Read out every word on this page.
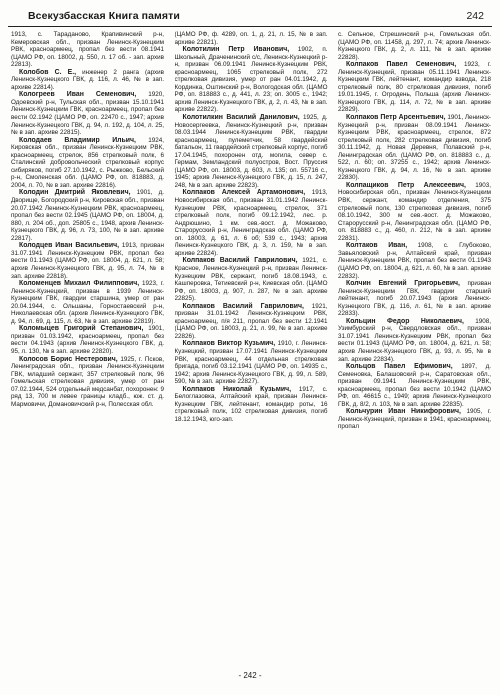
Всекузбасская Книга памяти	242

1913, с. Тараданово, Крапивинский р-н, Кемеровская обл., призван Ленинск-Кузнецким РВК, красноармеец, пропал без вести 08.1941 (ЦАМО РФ, оп. 18002, д. 550, л. 17 об. - зап. архив 22813).

Колобов С. Е., инженер 2 ранга (архив Ленинск-Кузнецкого ГВК, д. 116, л. 46, № в зап. архиве 22814).

Кологреев Иван Семенович, 1920, Одоевский р-н, Тульская обл., призван 15.10.1941 Ленинск-Кузнецким ГВК, красноармеец, пропал без вести 02.1942 (ЦАМО РФ, оп. 22470 с., 1947; архив Ленинск-Кузнецкого ГВК, д. 94, л. 192, д. 104, л. 25, № в зап. архиве 22815).

Колодаев Владимир Ильич, 1924, Кировская обл., призван Ленинск-Кузнецким РВК, красноармеец, стрелок, 856 стрелковый полк, 6 Сталинский добровольческий стрелковый корпус сибиряков, погиб 27.10.1942, с. Рыжково, Бельский р-н, Смоленская обл. (ЦАМО РФ, оп. 818883, д. 2004, л. 70, № в зап. архиве 22816).

Колодин Дмитрий Яковлевич, 1901, д. Дворище, Богородский р-н, Кировская обл., призван 20.07.1942 Ленинск-Кузнецким РВК, красноармеец, пропал без вести 02.1945 (ЦАМО РФ, оп. 18004, д. 880, л. 204 об., доп. 25805 с., 1948, архив Ленинск-Кузнецкого ГВК, д. 96, л. 73, 100, № в зап. архиве 22817).

Колодцев Иван Васильевич, 1913, призван 31.07.1941 Ленинск-Кузнецким РВК, пропал без вести 01.1943 (ЦАМО РФ, оп. 18004, д. 621, л. 58; архив Ленинск-Кузнецкого ГВК, д. 95, л. 74, № в зап. архиве 22818).

Коломенцев Михаил Филиппович, 1923, г. Ленинск-Кузнецкий, призван в 1939 Ленинск-Кузнецким ГВК, гвардии старшина, умер от ран 20.04.1944, с. Ольшаны, Горностаевский р-н, Николаевская обл. (архив Ленинск-Кузнецкого ГВК, д. 94, л. 69, д. 115, л. 63, № в зап. архиве 22819).

Коломыцев Григорий Степанович, 1901, призван 01.03.1942, красноармеец, пропал без вести 04.1943 (архив Ленинск-Кузнецкого ГВК, д. 95, л. 130, № в зап. архиве 22820).

Колосов Борис Нестерович, 1925, г. Псков, Ленинградская обл., призван Ленинск-Кузнецким ГВК, младший сержант, 357 стрелковый полк, 96 Гомельская стрелковая дивизия, умер от ран 07.02.1944, 524 отдельный медсанбат, похоронен: 9 ряд 13, 700 м левее границы кладб., юж. ст. д. Мармовичи, Домановичский р-н, Полесская обл.

(ЦАМО РФ, ф. 4289, оп. 1, д. 21, л. 15, № в зап. архиве 22821).

Колотилин Петр Иванович, 1902, п. Школьный, Драченинский с/с, Ленинск-Кузнецкий р-н, призван 06.09.1941 Ленинск-Кузнецким РВК, красноармеец, 1065 стрелковый полк, 272 стрелковая дивизия, умер от ран 04.01.1942, д. Кординка, Оштинский р-н, Вологодская обл. (ЦАМО РФ, оп. 818883 с., д. 441, л. 23; оп. 3005 с., 1942; архив Ленинск-Кузнецкого ГВК, д. 2, л. 43, № в зап. архиве 22822).

Колотилкин Василий Данилович, 1925, д. Новосергеевка, Ленинск-Кузнецкий р-н, призван 08.03.1944 Ленинск-Кузнецким РВК, гвардии красноармеец, пулеметчик, 58 гвардейский батальон, 11 гвардейский стрелковый корпус, погиб 17.04.1945, похоронен отд. могила, север с. Гермам, Земландский полуостров, Вост. Пруссия (ЦАМО РФ, оп. 18003, д. 603, л. 135; оп. 55716 с., 1945; архив Ленинск-Кузнецкого ГВК, д. 15, л. 247, 248, № в зап. архиве 22823).

Колпаков Алексей Артамонович, 1913, Новосибирская обл., призван 31.01.1942 Ленинск-Кузнецким РВК, красноармеец, стрелок, 371 стрелковый полк, погиб 09.12.1942, лес. р. Андрюшино, 1 км. сев.-вост. д. Можаково, Старорусский р-н, Ленинградская обл. (ЦАМО РФ, оп. 18003, д. 61, л. 6 об; 539 с., 1943; архив Ленинск-Кузнецкого ГВК, д. 3, л. 159, № в зап. архиве 22824).

Колпаков Василий Гаврилович, 1921, с. Красное, Ленинск-Кузнецкий р-н, призван Ленинск-Кузнецким РВК, сержант, погиб 18.08.1943, с. Кашперовка, Тетиевский р-н, Киевская обл. (ЦАМО РФ, оп. 18003, д. 907, л. 287, № в зап. архиве 22825).

Колпаков Василий Гаврилович, 1921, призван 31.01.1942 Ленинск-Кузнецким РВК, красноармеец, п/я 211, пропал без вести 12.1941 (ЦАМО РФ, оп. 18003, д. 21, л. 99, № в зап. архиве 22826).

Колпаков Виктор Кузьмич, 1910, г. Ленинск-Кузнецкий, призван 17.07.1941 Ленинск-Кузнецким РВК, красноармеец, 44 отдельная стрелковая бригада, погиб 03.12.1941 (ЦАМО РФ, оп. 14935 с., 1942; архив Ленинск-Кузнецкого ГВК, д. 99, л. 589, 590, № в зап. архиве 22827).

Колпаков Николай Кузьмич, 1917, с. Белоглазовка, Алтайский край, призван Ленинск-Кузнецким ГВК, лейтенант, командир роты, 16 стрелковый полк, 102 стрелковая дивизия, погиб 18.12.1943, юго-зап.

с. Сельное, Стрешинский р-н, Гомельская обл. (ЦАМО РФ, оп. 11458, д. 297, л. 74; архив Ленинск-Кузнецкого ГВК, д. 2, л. 111, № в зап. архиве 22828).

Колпаков Павел Семенович, 1923, г. Ленинск-Кузнецкий, призван 05.11.1941 Ленинск-Кузнецким ГВК, лейтенант, командир взвода, 218 стрелковый полк, 80 стрелковая дивизия, погиб 19.01.1945, г. Огродень, Польша (архив Ленинск-Кузнецкого ГВК, д. 114, л. 72, № в зап. архиве 22829).

Колпаков Петр Арсентьевич, 1901, Ленинск-Кузнецкий р-н, призван 08.09.1941 Ленинск-Кузнецким РВК, красноармеец, стрелок, 872 стрелковый полк, 282 стрелковая дивизия, погиб 30.11.1942, д. Новая Деревня, Полавский р-н, Ленинградская обл. (ЦАМО РФ, оп. 818883 с., д. 522, л. 60; оп. 37255 с., 1942; архив Ленинск-Кузнецкого ГВК, д. 94, л. 16, № в зап. архиве 22830).

Колпащиков Петр Алексеевич, 1903, Новосибирская обл., призван Ленинск-Кузнецким РВК, сержант, командир отделения, 375 стрелковый полк, 130 стрелковая дивизия, погиб 08.10.1942, 300 м сев.-вост. д. Можаково, Старорусский р-н, Ленинградская обл. (ЦАМО РФ, оп. 818883 с., д. 460, л. 212, № в зап. архиве 22831).

Колтаков Иван, 1908, с. Глубоково, Завьяловский р-н, Алтайский край, призван Ленинск-Кузнецким РВК, пропал без вести 01.1943 (ЦАМО РФ, оп. 18004, д. 621, л. 60, № в зап. архиве 22832).

Колчин Евгений Григорьевич, призван Ленинск-Кузнецким ГВК, гвардии старший лейтенант, погиб 20.07.1943 (архив Ленинск-Кузнецкого ГВК, д. 116, л. 61, № в зап. архиве 22833).

Кольцин Федор Николаевич, 1908, Узимбурский р-н, Свердловская обл., призван 31.07.1941 Ленинск-Кузнецким РВК, пропал без вести 01.1943 (ЦАМО РФ, оп. 18004, д. 621, л. 58; архив Ленинск-Кузнецкого ГВК, д. 93, л. 95, № в зап. архиве 22834).

Кольцов Павел Ефимович, 1897, д. Семеновка, Балашовский р-н, Саратовская обл., призван 09.1941 Ленинск-Кузнецким РВК, красноармеец, пропал без вести 10.1942 (ЦАМО РФ, оп. 46615 с., 1949; архив Ленинск-Кузнецкого ГВК, д. 8/2, л. 103, № в зап. архиве 22835).

Кольчурин Иван Никифорович, 1905, г. Ленинск-Кузнецкий, призван в 1941, красноармеец, пропал

- 242 -
